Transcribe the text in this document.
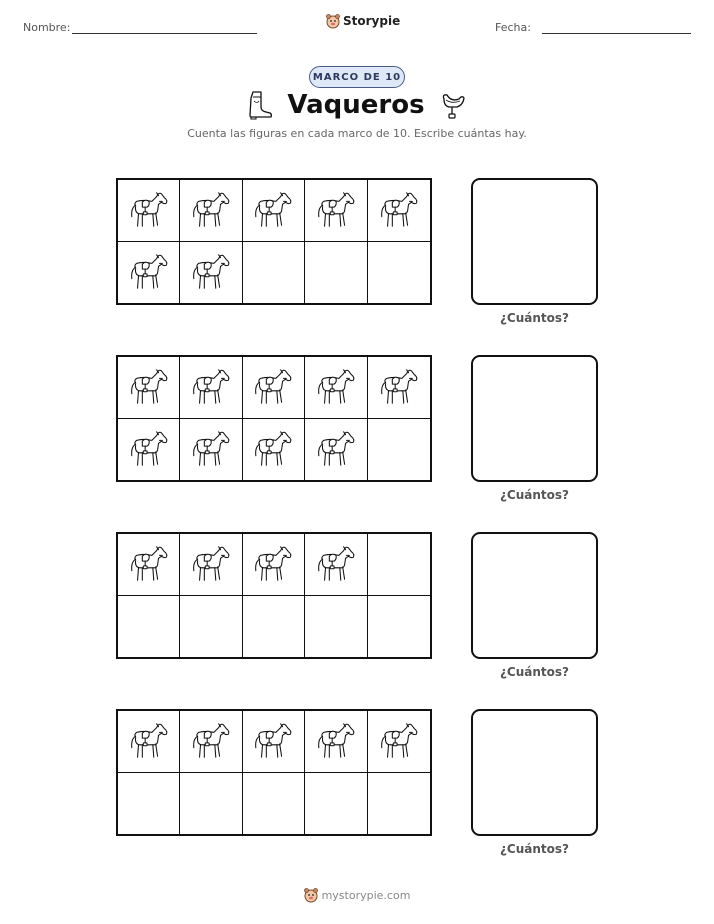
Nombre:	Storypie	Fecha:
MARCO DE 10
Vaqueros
Cuenta las figuras en cada marco de 10. Escribe cuántas hay.
¿Cuántos?
¿Cuántos?
¿Cuántos?
¿Cuántos?
mystorypie.com
